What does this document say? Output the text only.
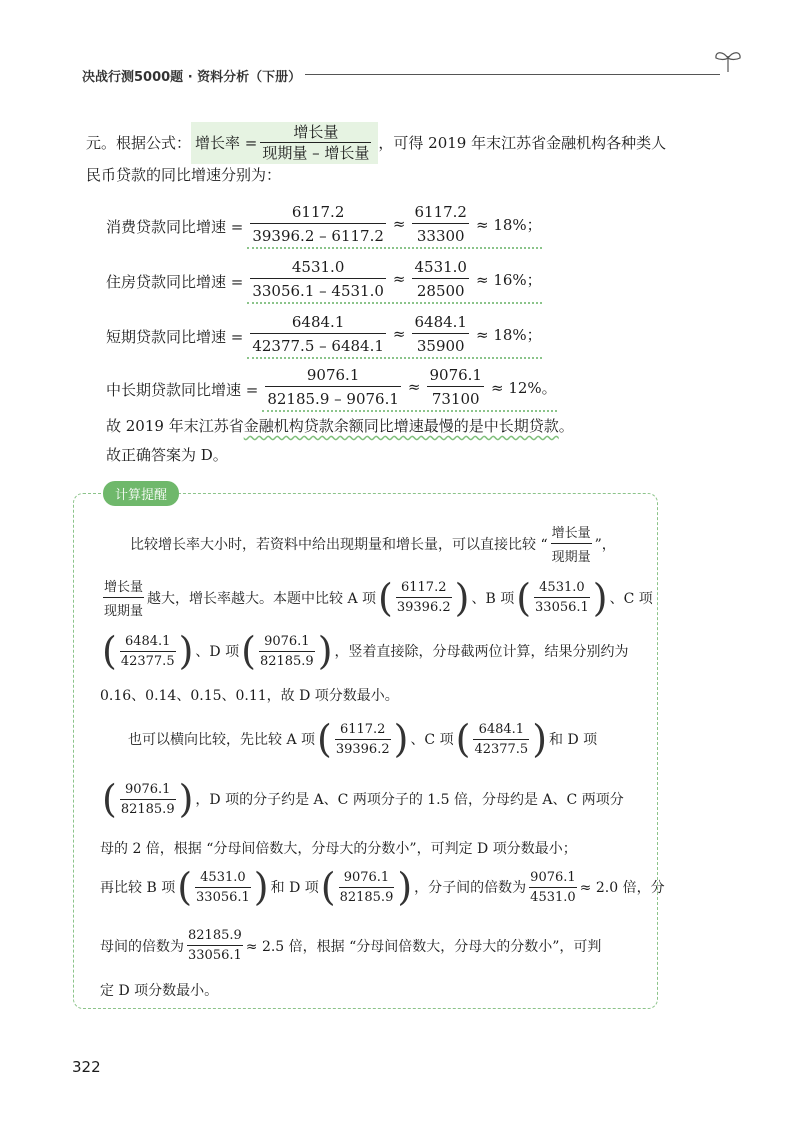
决战行测5000题 · 资料分析（下册）
元。根据公式： 增长率 = $\frac{\text{增长量}}{\text{现期量 – 增长量}}$ ，可得 2019 年末江苏省金融机构各种类人
民币贷款的同比增速分别为：
消费贷款同比增速 = $\frac{6117.2}{39396.2 - 6117.2} \approx \frac{6117.2}{33300} \approx 18\%$；
住房贷款同比增速 = $\frac{4531.0}{33056.1 - 4531.0} \approx \frac{4531.0}{28500} \approx 16\%$；
短期贷款同比增速 = $\frac{6484.1}{42377.5 - 6484.1} \approx \frac{6484.1}{35900} \approx 18\%$；
中长期贷款同比增速 = $\frac{9076.1}{82185.9 - 9076.1} \approx \frac{9076.1}{73100} \approx 12\%$。
故 2019 年末江苏省金融机构贷款余额同比增速最慢的是中长期贷款。
故正确答案为 D。
计算提醒
比较增长率大小时，若资料中给出现期量和增长量，可以直接比较 “
增长量
现期量
”，
增长量
现期量
越大，增长率越大。本题中比较 A 项 ( $\frac{6117.2}{39396.2}$ ) 、B 项 ( $\frac{4531.0}{33056.1}$ ) 、C 项
( $\frac{6484.1}{42377.5}$ ) 、D 项 ( $\frac{9076.1}{82185.9}$ ) ，竖着直接除，分母截两位计算，结果分别约为
0.16、0.14、0.15、0.11，故 D 项分数最小。
也可以横向比较，先比较 A 项 ( $\frac{6117.2}{39396.2}$ ) 、C 项 ( $\frac{6484.1}{42377.5}$ ) 和 D 项
( $\frac{9076.1}{82185.9}$ ) ，D 项的分子约是 A、C 两项分子的 1.5 倍，分母约是 A、C 两项分
母的 2 倍，根据 “分母间倍数大，分母大的分数小”，可判定 D 项分数最小；
再比较 B 项 ( $\frac{4531.0}{33056.1}$ ) 和 D 项 ( $\frac{9076.1}{82185.9}$ ) ，分子间的倍数为 $\frac{9076.1}{4531.0} \approx 2.0$ 倍，分
母间的倍数为 $\frac{82185.9}{33056.1} \approx 2.5$ 倍，根据 “分母间倍数大，分母大的分数小”，可判
定 D 项分数最小。
322
